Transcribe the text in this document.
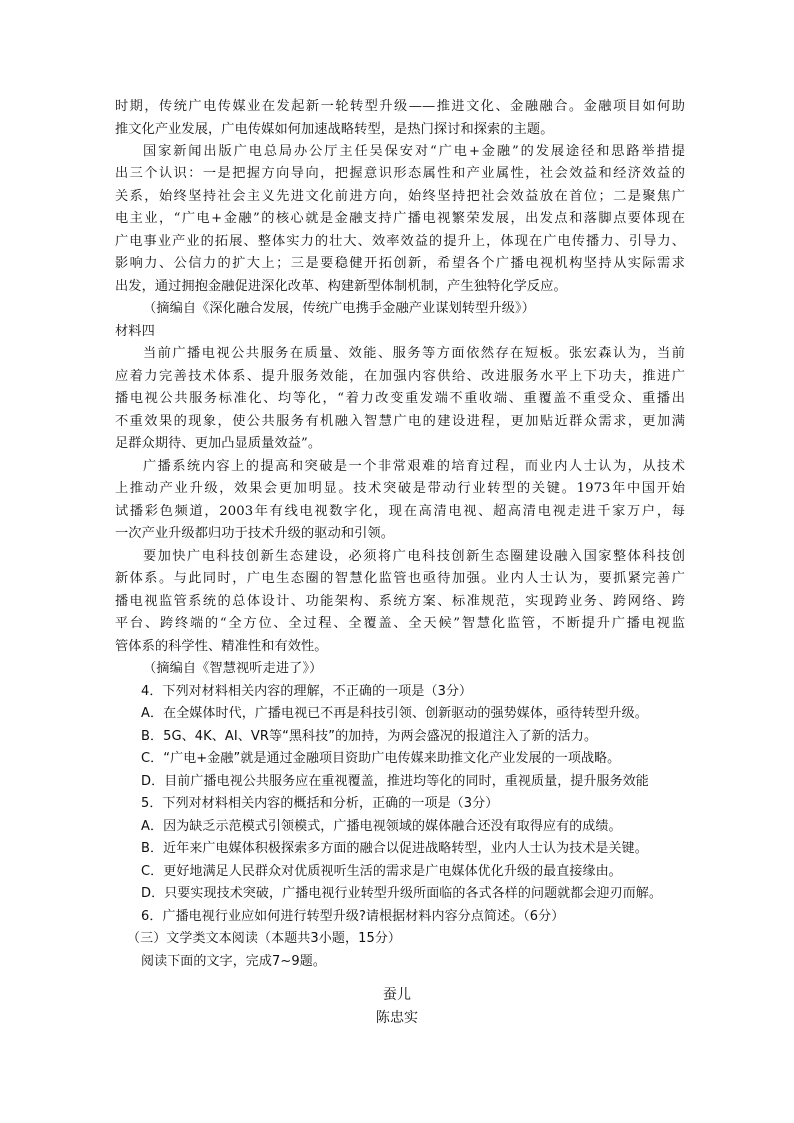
时期，传统广电传媒业在发起新一轮转型升级——推进文化、金融融合。金融项目如何助
推文化产业发展，广电传媒如何加速战略转型，是热门探讨和探索的主题。
国家新闻出版广电总局办公厅主任吴保安对“广电+金融”的发展途径和思路举措提
出三个认识：一是把握方向导向，把握意识形态属性和产业属性，社会效益和经济效益的
关系，始终坚持社会主义先进文化前进方向，始终坚持把社会效益放在首位；二是聚焦广
电主业，“广电+金融”的核心就是金融支持广播电视繁荣发展，出发点和落脚点要体现在
广电事业产业的拓展、整体实力的壮大、效率效益的提升上，体现在广电传播力、引导力、
影响力、公信力的扩大上；三是要稳健开拓创新，希望各个广播电视机构坚持从实际需求
出发，通过拥抱金融促进深化改革、构建新型体制机制，产生独特化学反应。
（摘编自《深化融合发展，传统广电携手金融产业谋划转型升级》）
材料四
当前广播电视公共服务在质量、效能、服务等方面依然存在短板。张宏森认为，当前
应着力完善技术体系、提升服务效能，在加强内容供给、改进服务水平上下功夫，推进广
播电视公共服务标准化、均等化，“着力改变重发端不重收端、重覆盖不重受众、重播出
不重效果的现象，使公共服务有机融入智慧广电的建设进程，更加贴近群众需求，更加满
足群众期待、更加凸显质量效益”。
广播系统内容上的提高和突破是一个非常艰难的培育过程，而业内人士认为，从技术
上推动产业升级，效果会更加明显。技术突破是带动行业转型的关键。1973年中国开始
试播彩色频道，2003年有线电视数字化，现在高清电视、超高清电视走进千家万户，每
一次产业升级都归功于技术升级的驱动和引领。
要加快广电科技创新生态建设，必须将广电科技创新生态圈建设融入国家整体科技创
新体系。与此同时，广电生态圈的智慧化监管也亟待加强。业内人士认为，要抓紧完善广
播电视监管系统的总体设计、功能架构、系统方案、标准规范，实现跨业务、跨网络、跨
平台、跨终端的“全方位、全过程、全覆盖、全天候”智慧化监管，不断提升广播电视监
管体系的科学性、精准性和有效性。
（摘编自《智慧视听走进了》）
4．下列对材料相关内容的理解，不正确的一项是（3分）
A．在全媒体时代，广播电视已不再是科技引领、创新驱动的强势媒体，亟待转型升级。
B．5G、4K、AI、VR等“黑科技”的加持，为两会盛况的报道注入了新的活力。
C．“广电+金融”就是通过金融项目资助广电传媒来助推文化产业发展的一项战略。
D．目前广播电视公共服务应在重视覆盖，推进均等化的同时，重视质量，提升服务效能
5．下列对材料相关内容的概括和分析，正确的一项是（3分）
A．因为缺乏示范模式引领模式，广播电视领域的媒体融合还没有取得应有的成绩。
B．近年来广电媒体积极探索多方面的融合以促进战略转型，业内人士认为技术是关键。
C．更好地满足人民群众对优质视听生活的需求是广电媒体优化升级的最直接缘由。
D．只要实现技术突破，广播电视行业转型升级所面临的各式各样的问题就都会迎刃而解。
6．广播电视行业应如何进行转型升级?请根据材料内容分点简述。（6分）
（三）文学类文本阅读（本题共3小题，15分）
阅读下面的文字，完成7~9题。
蚕儿
陈忠实
